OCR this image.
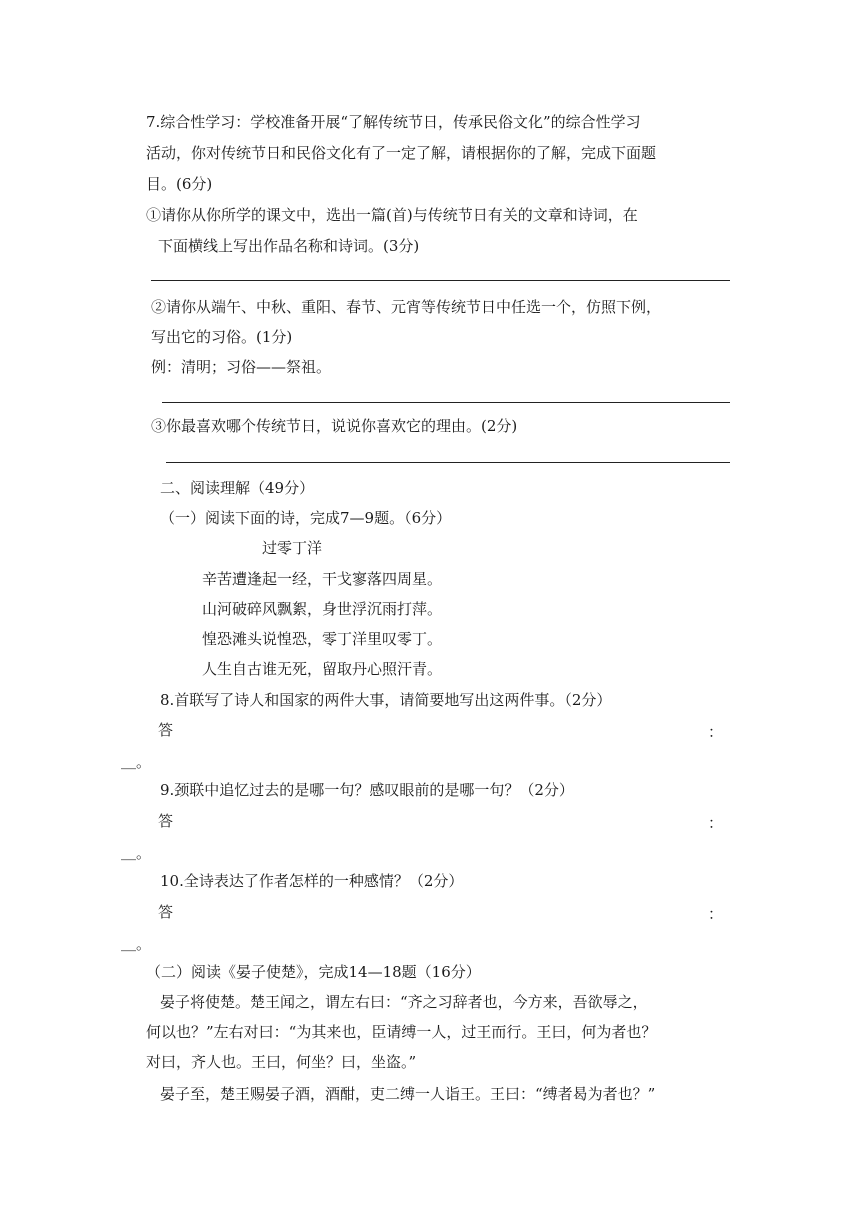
7.综合性学习：学校准备开展“了解传统节日，传承民俗文化”的综合性学习
活动，你对传统节日和民俗文化有了一定了解，请根据你的了解，完成下面题
目。(6分)
①请你从你所学的课文中，选出一篇(首)与传统节日有关的文章和诗词，在
下面横线上写出作品名称和诗词。(3分)
②请你从端午、中秋、重阳、春节、元宵等传统节日中任选一个，仿照下例，
写出它的习俗。(1分)
例：清明；习俗——祭祖。
③你最喜欢哪个传统节日，说说你喜欢它的理由。(2分)
二、阅读理解（49分）
（一）阅读下面的诗，完成7—9题。（6分）
过零丁洋
辛苦遭逢起一经，干戈寥落四周星。
山河破碎风飘絮，身世浮沉雨打萍。
惶恐滩头说惶恐，零丁洋里叹零丁。
人生自古谁无死，留取丹心照汗青。
8.首联写了诗人和国家的两件大事，请简要地写出这两件事。（2分）
答	：
＿。
9.颈联中追忆过去的是哪一句？感叹眼前的是哪一句？（2分）
答	：
＿。
10.全诗表达了作者怎样的一种感情？（2分）
答	：
＿。
（二）阅读《晏子使楚》，完成14—18题（16分）
晏子将使楚。楚王闻之，谓左右曰：“齐之习辞者也，今方来，吾欲辱之，
何以也？”左右对曰：“为其来也，臣请缚一人，过王而行。王曰，何为者也？
对曰，齐人也。王曰，何坐？曰，坐盗。”
晏子至，楚王赐晏子酒，酒酣，吏二缚一人诣王。王曰：“缚者曷为者也？”
